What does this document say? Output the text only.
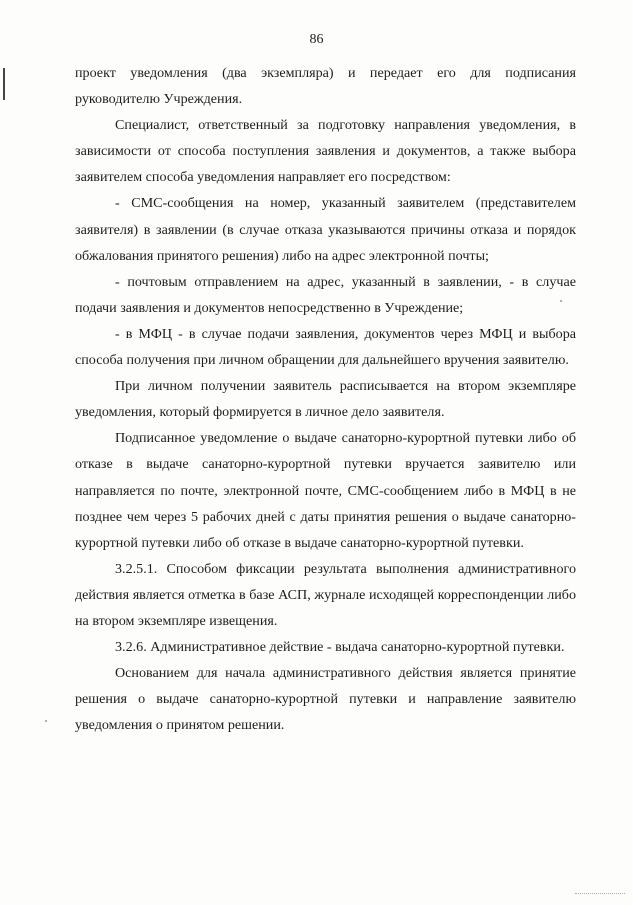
86

проект уведомления (два экземпляра) и передает его для подписания руководителю Учреждения.

Специалист, ответственный за подготовку направления уведомления, в зависимости от способа поступления заявления и документов, а также выбора заявителем способа уведомления направляет его посредством:

- СМС-сообщения на номер, указанный заявителем (представителем заявителя) в заявлении (в случае отказа указываются причины отказа и порядок обжалования принятого решения) либо на адрес электронной почты;

- почтовым отправлением на адрес, указанный в заявлении, - в случае подачи заявления и документов непосредственно в Учреждение;

- в МФЦ - в случае подачи заявления, документов через МФЦ и выбора способа получения при личном обращении для дальнейшего вручения заявителю.

При личном получении заявитель расписывается на втором экземпляре уведомления, который формируется в личное дело заявителя.

Подписанное уведомление о выдаче санаторно-курортной путевки либо об отказе в выдаче санаторно-курортной путевки вручается заявителю или направляется по почте, электронной почте, СМС-сообщением либо в МФЦ в не позднее чем через 5 рабочих дней с даты принятия решения о выдаче санаторно-курортной путевки либо об отказе в выдаче санаторно-курортной путевки.

3.2.5.1. Способом фиксации результата выполнения административного действия является отметка в базе АСП, журнале исходящей корреспонденции либо на втором экземпляре извещения.

3.2.6. Административное действие - выдача санаторно-курортной путевки.

Основанием для начала административного действия является принятие решения о выдаче санаторно-курортной путевки и направление заявителю уведомления о принятом решении.
